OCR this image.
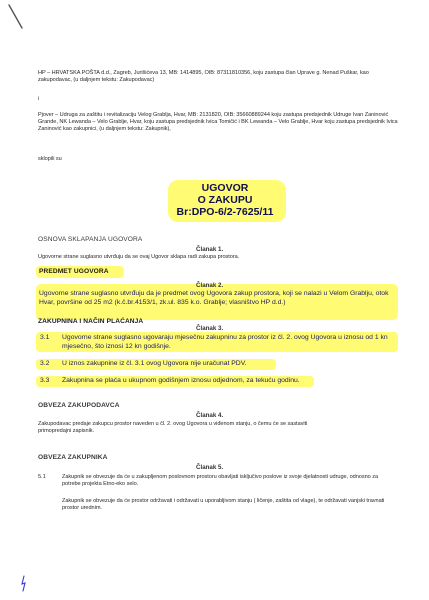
HP – HRVATSKA POŠTA d.d., Zagreb, Jurišićeva 13, MB: 1414895, OIB: 87311810356, koju zastupa član Uprave g. Nenad Puškar, kao zakupodavac, (u daljnjem tekstu: Zakupodavac)
i
Pjover – Udruga za zaštitu i revitalizaciju Velog Grablja, Hvar, MB: 2131820, OIB: 35660889244 koju zastupa predsjednik Udruge Ivan Zaninović Grande, NK Lewanda – Velo Grablje, Hvar, koju zastupa predsjednik Ivica Tomičić i BK Lewanda – Velo Grablje, Hvar koju zastupa predsjednik Ivica Zaninović kao zakupnici, (u daljnjem tekstu: Zakupnik),
sklopili su
UGOVOR
O ZAKUPU
Br:DPO-6/2-7625/11
OSNOVA SKLAPANJA UGOVORA
Članak 1.
Ugovorne strane suglasno utvrđuju da se ovaj Ugovor sklapa radi zakupa prostora.
PREDMET UGOVORA
Članak 2.
Ugovorne strane suglasno utvrđuju da je predmet ovog Ugovora zakup prostora, koji se nalazi u Velom Grablju, otok Hvar, površine od 25 m2 (k.č.br.4153/1, zk.ul. 835 k.o. Grablje; vlasništvo HP d.d.)
ZAKUPNINA I NAČIN PLAĆANJA
Članak 3.
3.1 Ugovorne strane suglasno ugovaraju mjesečnu zakupninu za prostor iz čl. 2. ovog Ugovora u iznosu od 1 kn mjesečno, što iznosi 12 kn godišnje.
3.2 U iznos zakupnine iz čl. 3.1 ovog Ugovora nije uračunat PDV.
3.3 Zakupnina se plaća u ukupnom godišnjem iznosu odjednom, za tekuću godinu.
OBVEZA ZAKUPODAVCA
Članak 4.
Zakupodavac predaje zakupcu prostor naveden u čl. 2. ovog Ugovora u viđenom stanju, o čemu će se sastaviti primopredajni zapisnik.
OBVEZA ZAKUPNIKA
Članak 5.
5.1	Zakupnik se obvezuje da će u zakupljenom poslovnom prostoru obavljati isključivo poslove iz svoje djelatnosti udruge, odnosno za potrebe projekta Etno-eko selo.
Zakupnik se obvezuje da će prostor održavati i održavati u uporabljivom stanju ( ličenje, zaštita od vlage), te održavati vanjski travnati prostor urednim.
